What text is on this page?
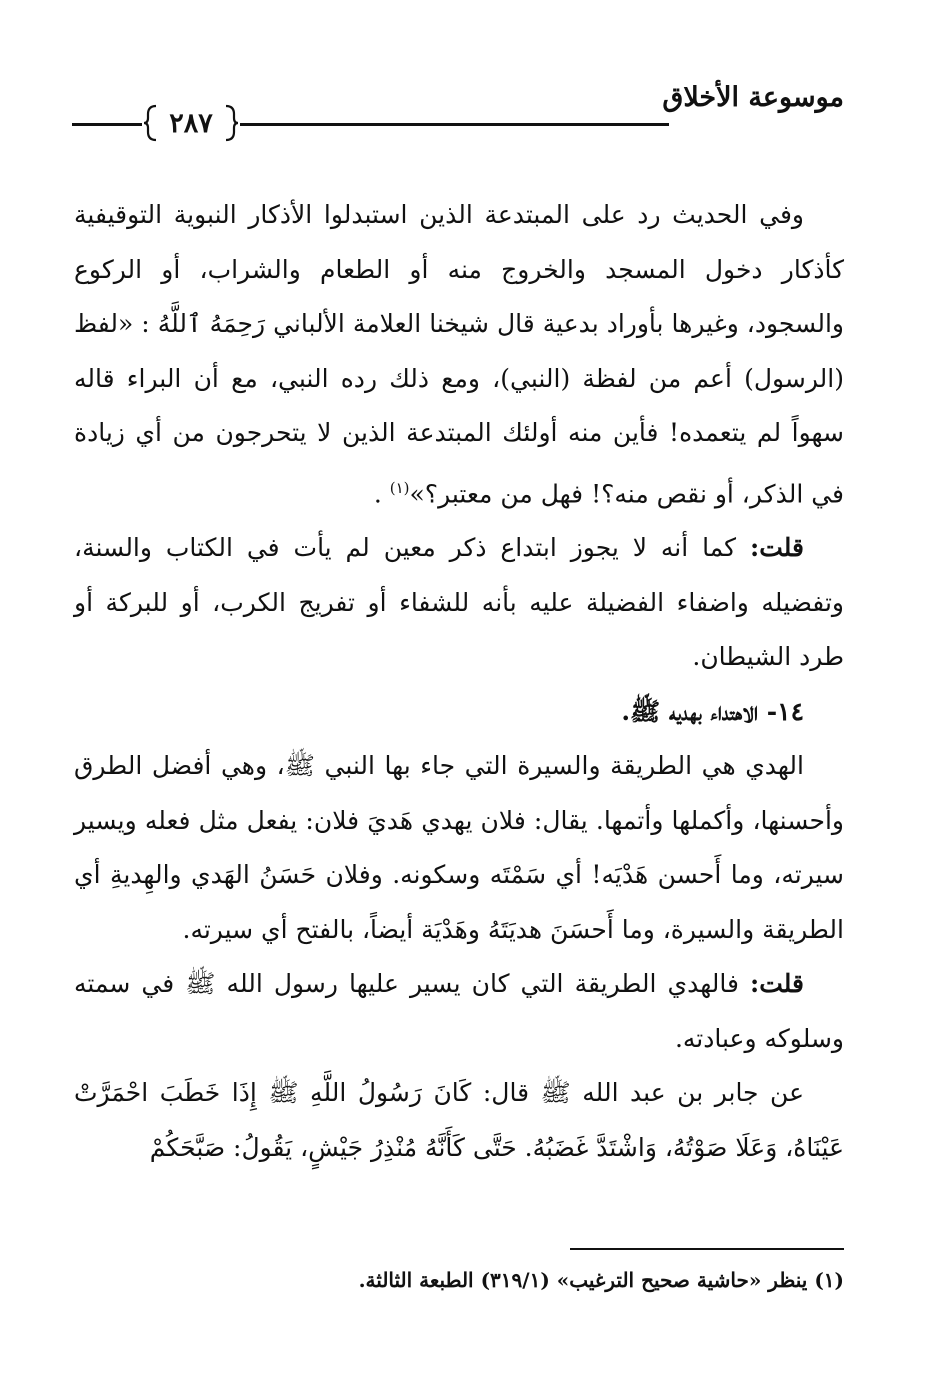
موسوعة الأخلاق
٢٨٧

وفي الحديث رد على المبتدعة الذين استبدلوا الأذكار النبوية التوقيفية كأذكار دخول المسجد والخروج منه أو الطعام والشراب، أو الركوع والسجود، وغيرها بأوراد بدعية قال شيخنا العلامة الألباني رَحِمَهُ ٱللَّهُ : «لفظ (الرسول) أعم من لفظة (النبي)، ومع ذلك رده النبي، مع أن البراء قاله سهواً لم يتعمده! فأين منه أولئك المبتدعة الذين لا يتحرجون من أي زيادة في الذكر، أو نقص منه؟! فهل من معتبر؟»$^{(١)}$ .

قلت: كما أنه لا يجوز ابتداع ذكر معين لم يأت في الكتاب والسنة، وتفضيله واضفاء الفضيلة عليه بأنه للشفاء أو تفريج الكرب، أو للبركة أو طرد الشيطان.

١٤- الاهتداء بهديه ﷺ.

الهدي هي الطريقة والسيرة التي جاء بها النبي ﷺ، وهي أفضل الطرق وأحسنها، وأكملها وأتمها. يقال: فلان يهدي هَديَ فلان: يفعل مثل فعله ويسير سيرته، وما أَحسن هَدْيَه! أي سَمْتَه وسكونه. وفلان حَسَنُ الهَدي والهِديةِ أي الطريقة والسيرة، وما أَحسَنَ هديَتَهُ وهَدْيَة أيضاً، بالفتح أي سيرته.

قلت: فالهدي الطريقة التي كان يسير عليها رسول الله ﷺ في سمته وسلوكه وعبادته.

عن جابر بن عبد الله ﷺ قال: كَانَ رَسُولُ اللَّهِ ﷺ إِذَا خَطَبَ احْمَرَّتْ عَيْنَاهُ، وَعَلَا صَوْتُهُ، وَاشْتَدَّ غَضَبُهُ. حَتَّى كَأَنَّهُ مُنْذِرُ جَيْشٍ، يَقُولُ: صَبَّحَكُمْ

(١) ينظر «حاشية صحيح الترغيب» (٣١٩/١) الطبعة الثالثة.
